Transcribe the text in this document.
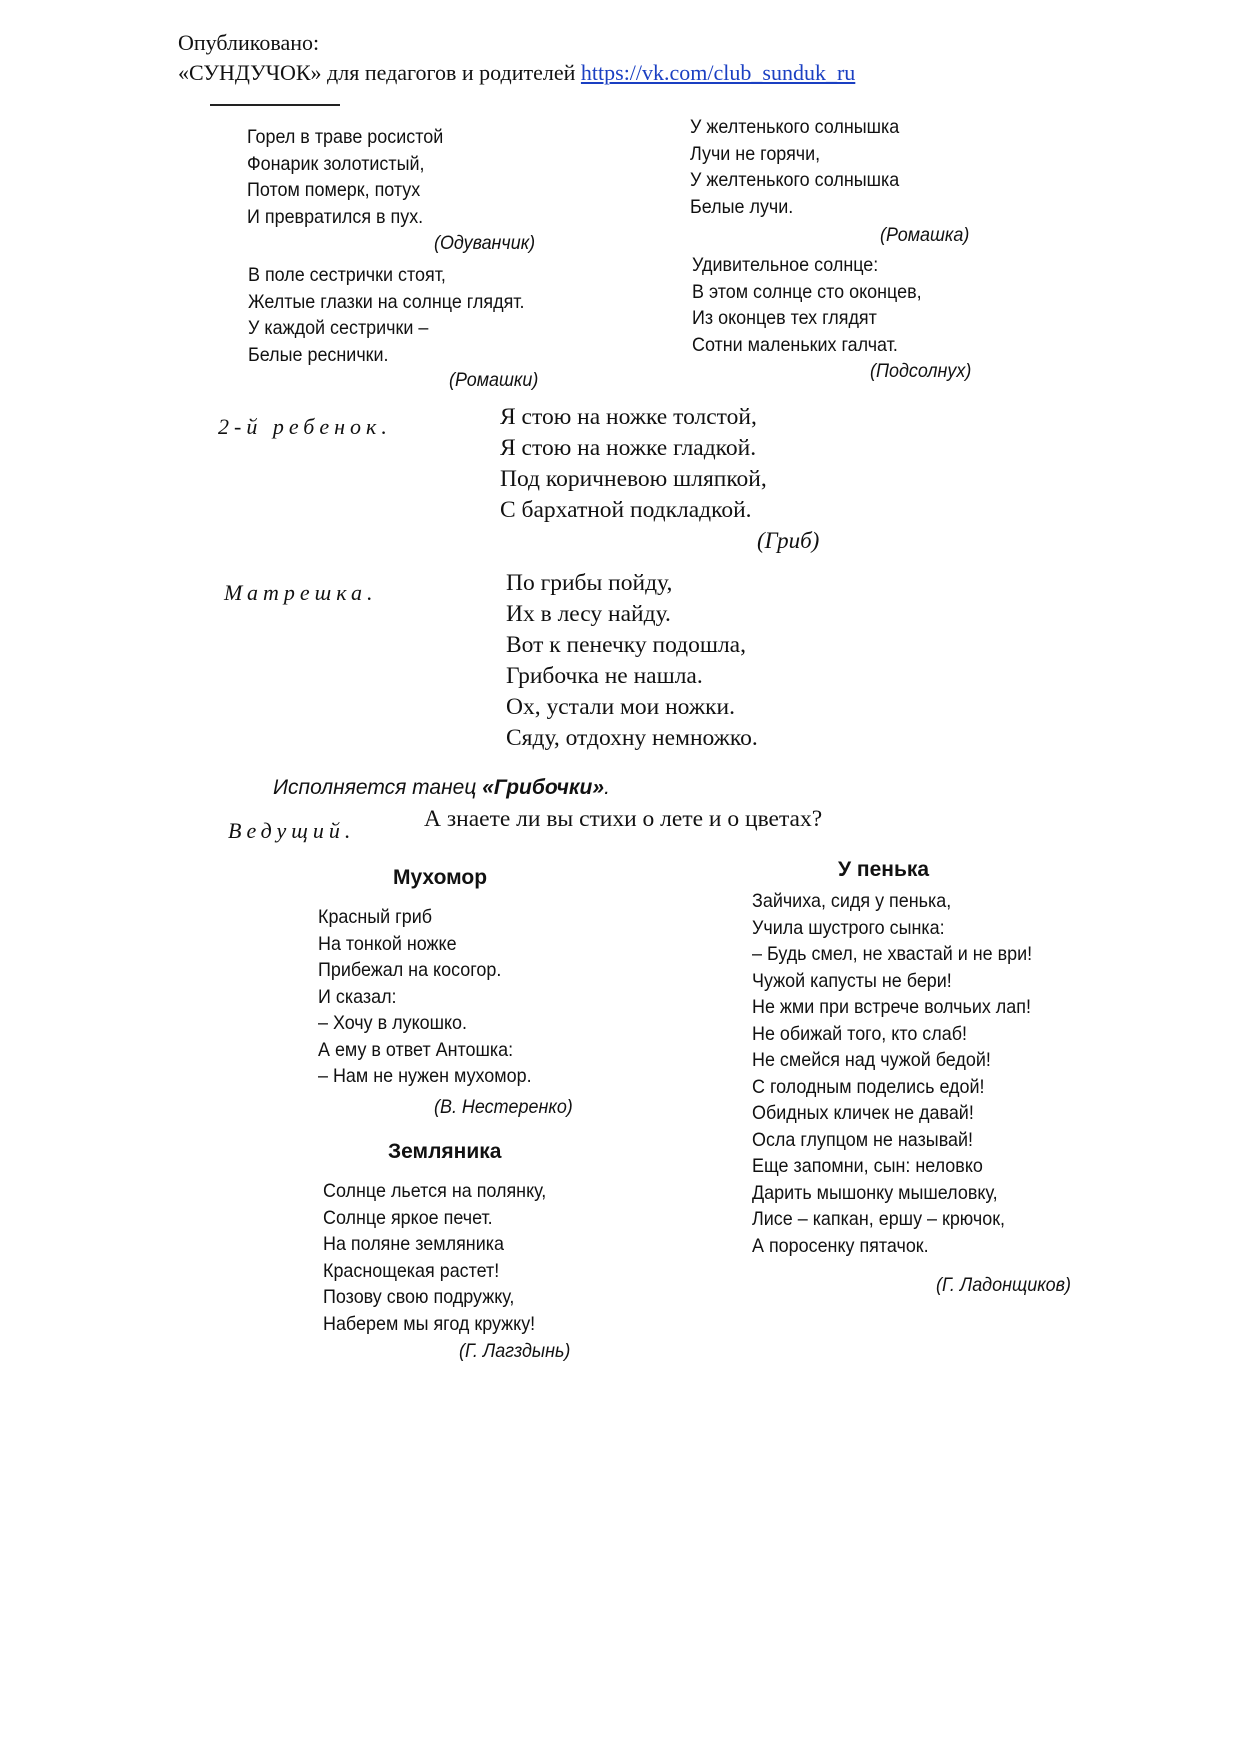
Опубликовано:
«СУНДУЧОК» для педагогов и родителей https://vk.com/club_sunduk_ru
Горел в траве росистой
Фонарик золотистый,
Потом померк, потух
И превратился в пух.
(Одуванчик)
В поле сестрички стоят,
Желтые глазки на солнце глядят.
У каждой сестрички –
Белые реснички.
(Ромашки)
У желтенького солнышка
Лучи не горячи,
У желтенького солнышка
Белые лучи.
(Ромашка)
Удивительное солнце:
В этом солнце сто оконцев,
Из оконцев тех глядят
Сотни маленьких галчат.
(Подсолнух)
2-й ребенок.	Я стою на ножке толстой,
Я стою на ножке гладкой.
Под коричневою шляпкой,
С бархатной подкладкой.
(Гриб)
Матрешка.	По грибы пойду,
Их в лесу найду.
Вот к пенечку подошла,
Грибочка не нашла.
Ох, устали мои ножки.
Сяду, отдохну немножко.
Исполняется танец «Грибочки».
Ведущий.	А знаете ли вы стихи о лете и о цветах?
Мухомор
Красный гриб
На тонкой ножке
Прибежал на косогор.
И сказал:
– Хочу в лукошко.
А ему в ответ Антошка:
– Нам не нужен мухомор.
(В. Нестеренко)
Земляника
Солнце льется на полянку,
Солнце яркое печет.
На поляне земляника
Краснощекая растет!
Позову свою подружку,
Наберем мы ягод кружку!
(Г. Лагздынь)
У пенька
Зайчиха, сидя у пенька,
Учила шустрого сынка:
– Будь смел, не хвастай и не ври!
Чужой капусты не бери!
Не жми при встрече волчьих лап!
Не обижай того, кто слаб!
Не смейся над чужой бедой!
С голодным поделись едой!
Обидных кличек не давай!
Осла глупцом не называй!
Еще запомни, сын: неловко
Дарить мышонку мышеловку,
Лисе – капкан, ершу – крючок,
А поросенку пятачок.
(Г. Ладонщиков)
